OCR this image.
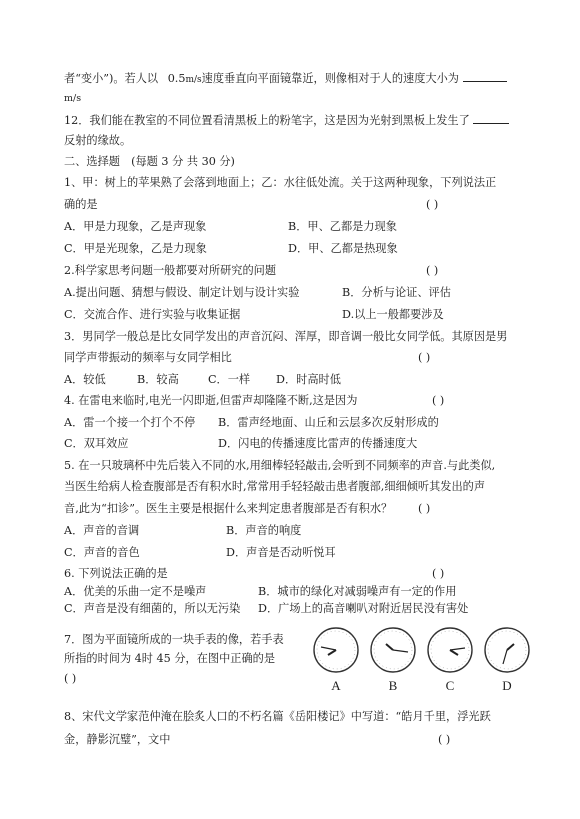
者“变小”)。若人以 0.5m/s速度垂直向平面镜靠近，则像相对于人的速度大小为
m/s
12．我们能在教室的不同位置看清黑板上的粉笔字，这是因为光射到黑板上发生了
反射的缘故。
二、选择题　(每题 3 分 共 30 分)
1、甲：树上的苹果熟了会落到地面上；乙：水往低处流。关于这两种现象，下列说法正
确的是	( )
A．甲是力现象，乙是声现象	B．甲、乙都是力现象
C．甲是光现象，乙是力现象	D．甲、乙都是热现象
2.科学家思考问题一般都要对所研究的问题	( )
A.提出问题、猜想与假设、制定计划与设计实验	B．分析与论证、评估
C．交流合作、进行实验与收集证据	D.以上一般都要涉及
3．男同学一般总是比女同学发出的声音沉闷、浑厚，即音调一般比女同学低。其原因是男
同学声带振动的频率与女同学相比	( )
A．较低	B．较高	C．一样 D．时高时低
4. 在雷电来临时,电光一闪即逝,但雷声却隆隆不断,这是因为	( )
A．雷一个接一个打个不停 B．雷声经地面、山丘和云层多次反射形成的
C．双耳效应	D．闪电的传播速度比雷声的传播速度大
5. 在一只玻璃杯中先后装入不同的水,用细棒轻轻敲击,会听到不同频率的声音.与此类似,
当医生给病人检查腹部是否有积水时,常常用手轻轻敲击患者腹部,细细倾听其发出的声
音,此为“扣诊”。医生主要是根据什么来判定患者腹部是否有积水？ ( )
A．声音的音调	B．声音的响度
C．声音的音色	D．声音是否动听悦耳
6. 下列说法正确的是	( )
A．优美的乐曲一定不是噪声	B．城市的绿化对减弱噪声有一定的作用
C．声音是没有细菌的，所以无污染 D．广场上的高音喇叭对附近居民没有害处
7．图为平面镜所成的一块手表的像，若手表
所指的时间为 4时 45 分，在图中正确的是
( )	A	B	C	D
8、宋代文学家范仲淹在脍炙人口的不朽名篇《岳阳楼记》中写道：“皓月千里，浮光跃
金，静影沉璧”，文中	( )
